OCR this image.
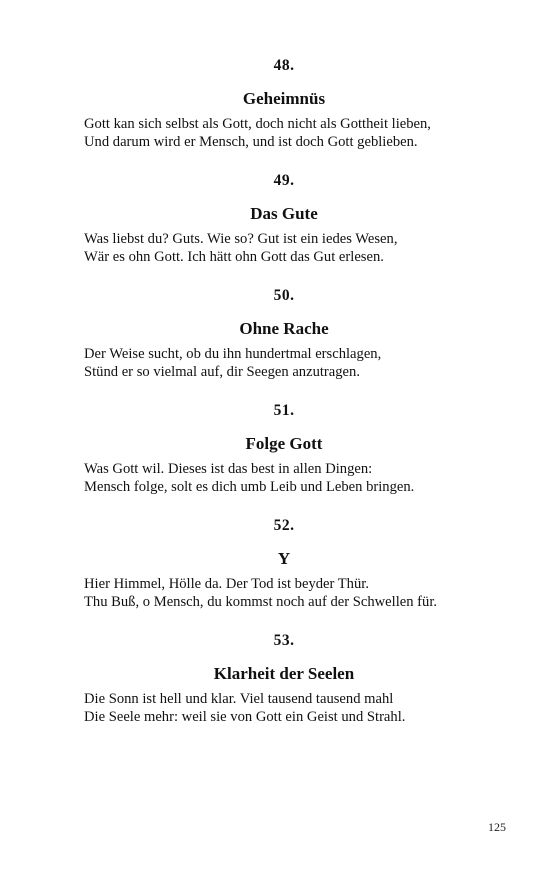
48.
Geheimnüs
Gott kan sich selbst als Gott, doch nicht als Gottheit lieben,
Und darum wird er Mensch, und ist doch Gott geblieben.
49.
Das Gute
Was liebst du? Guts. Wie so? Gut ist ein iedes Wesen,
Wär es ohn Gott. Ich hätt ohn Gott das Gut erlesen.
50.
Ohne Rache
Der Weise sucht, ob du ihn hundertmal erschlagen,
Stünd er so vielmal auf, dir Seegen anzutragen.
51.
Folge Gott
Was Gott wil. Dieses ist das best in allen Dingen:
Mensch folge, solt es dich umb Leib und Leben bringen.
52.
Y
Hier Himmel, Hölle da. Der Tod ist beyder Thür.
Thu Buß, o Mensch, du kommst noch auf der Schwellen für.
53.
Klarheit der Seelen
Die Sonn ist hell und klar. Viel tausend tausend mahl
Die Seele mehr: weil sie von Gott ein Geist und Strahl.
125
